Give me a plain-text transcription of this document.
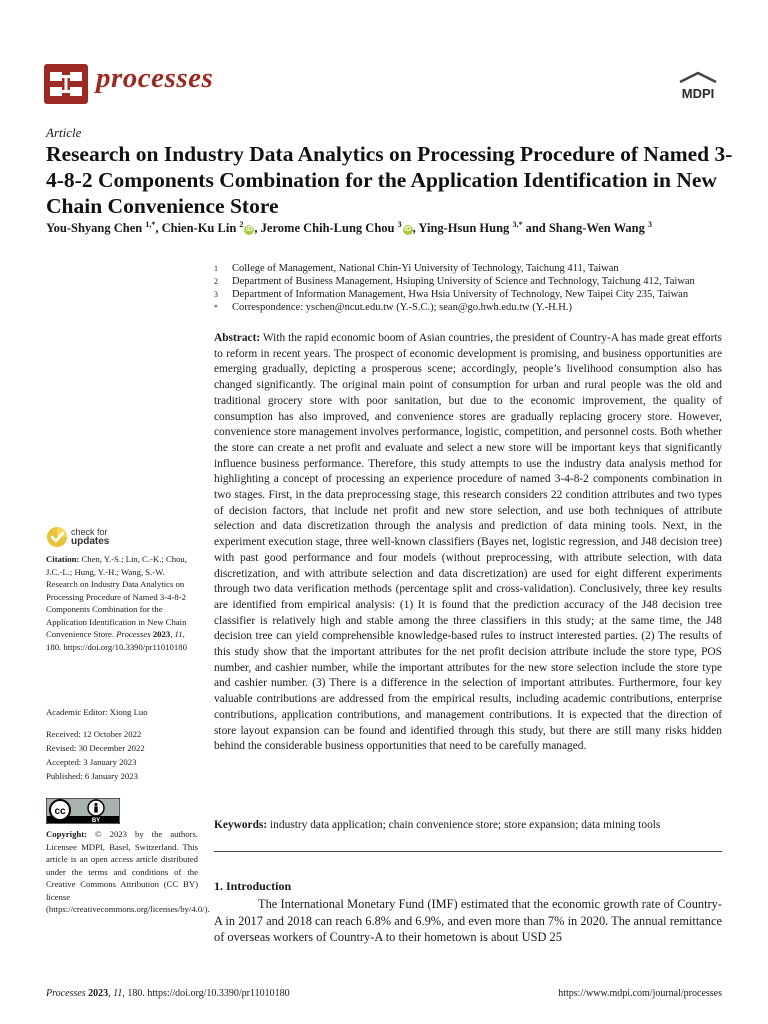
processes	MDPI
Article
Research on Industry Data Analytics on Processing Procedure of Named 3-4-8-2 Components Combination for the Application Identification in New Chain Convenience Store
You-Shyang Chen $^{1,*}$, Chien-Ku Lin $^2$iD , Jerome Chih-Lung Chou $^3$iD , Ying-Hsun Hung $^{3,*}$ and Shang-Wen Wang $^3$
1	College of Management, National Chin-Yi University of Technology, Taichung 411, Taiwan
2	Department of Business Management, Hsiuping University of Science and Technology, Taichung 412, Taiwan
3	Department of Information Management, Hwa Hsia University of Technology, New Taipei City 235, Taiwan
*	Correspondence: yschen@ncut.edu.tw (Y.-S.C.); sean@go.hwh.edu.tw (Y.-H.H.)
Abstract: With the rapid economic boom of Asian countries, the president of Country-A has made great efforts to reform in recent years. The prospect of economic development is promising, and business opportunities are emerging gradually, depicting a prosperous scene; accordingly, people’s livelihood consumption also has changed significantly. The original main point of consumption for urban and rural people was the old and traditional grocery store with poor sanitation, but due to the economic improvement, the quality of consumption has also improved, and convenience stores are gradually replacing grocery store. However, convenience store management involves performance, logistic, competition, and personnel costs. Both whether the store can create a net profit and evaluate and select a new store will be important keys that significantly influence business performance. Therefore, this study attempts to use the industry data analysis method for highlighting a concept of processing an experience procedure of named 3-4-8-2 components combination in two stages. First, in the data preprocessing stage, this research considers 22 condition attributes and two types of decision factors, that include net profit and new store selection, and use both techniques of attribute selection and data discretization through the analysis and prediction of data mining tools. Next, in the experiment execution stage, three well-known classifiers (Bayes net, logistic regression, and J48 decision tree) with past good performance and four models (without preprocessing, with attribute selection, with data discretization, and with attribute selection and data discretization) are used for eight different experiments through two data verification methods (percentage split and cross-validation). Conclusively, three key results are identified from empirical analysis: (1) It is found that the prediction accuracy of the J48 decision tree classifier is relatively high and stable among the three classifiers in this study; at the same time, the J48 decision tree can yield comprehensible knowledge-based rules to instruct interested parties. (2) The results of this study show that the important attributes for the net profit decision attribute include the store type, POS number, and cashier number, while the important attributes for the new store selection include the store type and cashier number. (3) There is a difference in the selection of important attributes. Furthermore, four key valuable contributions are addressed from the empirical results, including academic contributions, enterprise contributions, application contributions, and management contributions. It is expected that the direction of store layout expansion can be found and identified through this study, but there are still many risks hidden behind the considerable business opportunities that need to be carefully managed.
Keywords: industry data application; chain convenience store; store expansion; data mining tools
1. Introduction
The International Monetary Fund (IMF) estimated that the economic growth rate of Country-A in 2017 and 2018 can reach 6.8% and 6.9%, and even more than 7% in 2020. The annual remittance of overseas workers of Country-A to their hometown is about USD 25
check for
updates
Citation: Chen, Y.-S.; Lin, C.-K.; Chou, J.C.-L.; Hung, Y.-H.; Wang, S.-W. Research on Industry Data Analytics on Processing Procedure of Named 3-4-8-2 Components Combination for the Application Identification in New Chain Convenience Store. Processes 2023, 11, 180. https://doi.org/10.3390/pr11010180
Academic Editor: Xiong Luo
Received: 12 October 2022
Revised: 30 December 2022
Accepted: 3 January 2023
Published: 6 January 2023
cc
BY
Copyright: © 2023 by the authors. Licensee MDPI, Basel, Switzerland. This article is an open access article distributed under the terms and conditions of the Creative Commons Attribution (CC BY) license (https://creativecommons.org/licenses/by/4.0/).
Processes 2023, 11, 180. https://doi.org/10.3390/pr11010180	https://www.mdpi.com/journal/processes
